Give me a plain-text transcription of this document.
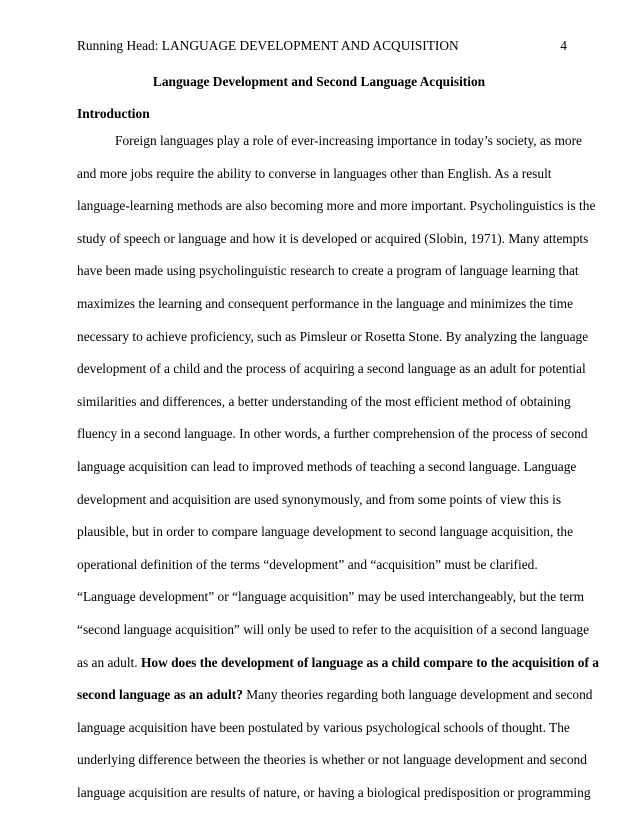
Running Head: LANGUAGE DEVELOPMENT AND ACQUISITION	4
Language Development and Second Language Acquisition
Introduction
Foreign languages play a role of ever-increasing importance in today’s society, as more
and more jobs require the ability to converse in languages other than English. As a result
language-learning methods are also becoming more and more important. Psycholinguistics is the
study of speech or language and how it is developed or acquired (Slobin, 1971). Many attempts
have been made using psycholinguistic research to create a program of language learning that
maximizes the learning and consequent performance in the language and minimizes the time
necessary to achieve proficiency, such as Pimsleur or Rosetta Stone. By analyzing the language
development of a child and the process of acquiring a second language as an adult for potential
similarities and differences, a better understanding of the most efficient method of obtaining
fluency in a second language. In other words, a further comprehension of the process of second
language acquisition can lead to improved methods of teaching a second language. Language
development and acquisition are used synonymously, and from some points of view this is
plausible, but in order to compare language development to second language acquisition, the
operational definition of the terms “development” and “acquisition” must be clarified.
“Language development” or “language acquisition” may be used interchangeably, but the term
“second language acquisition” will only be used to refer to the acquisition of a second language
as an adult. How does the development of language as a child compare to the acquisition of a
second language as an adult? Many theories regarding both language development and second
language acquisition have been postulated by various psychological schools of thought. The
underlying difference between the theories is whether or not language development and second
language acquisition are results of nature, or having a biological predisposition or programming
